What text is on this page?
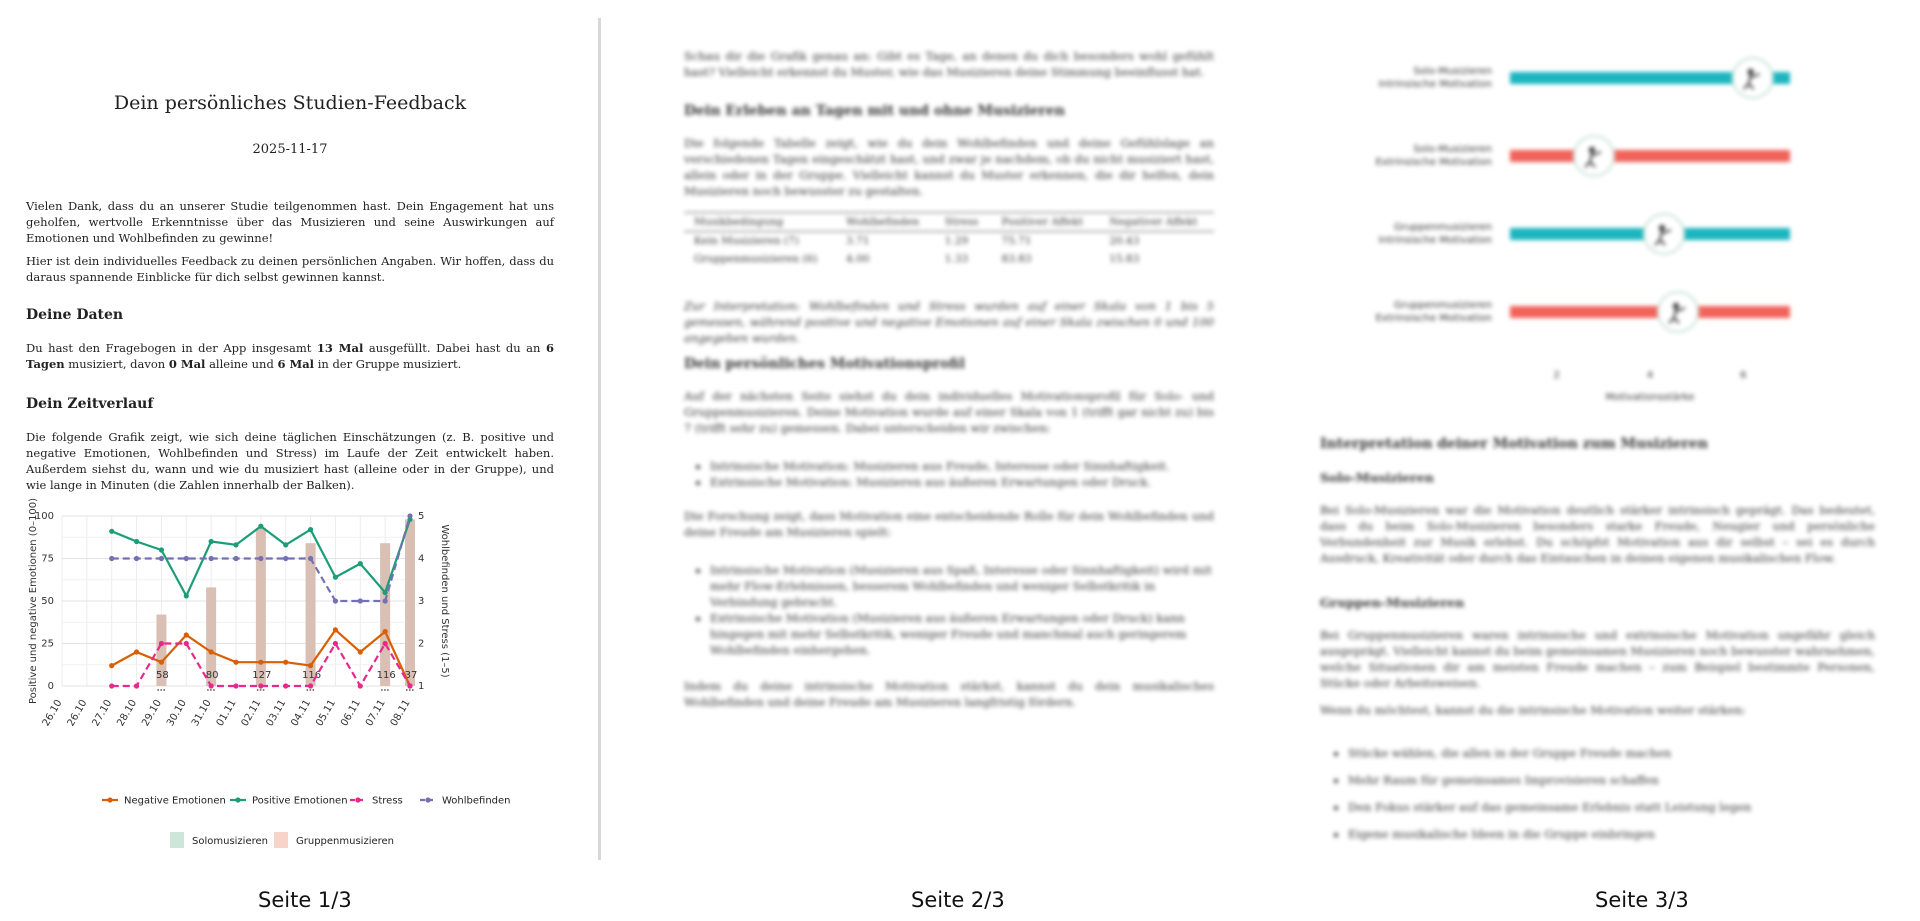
Dein persönliches Studien-Feedback
2025-11-17
Vielen Dank, dass du an unserer Studie teilgenommen hast. Dein Engagement hat uns geholfen, wertvolle Erkenntnisse über das Musizieren und seine Auswirkungen auf Emotionen und Wohlbefinden zu gewinne!
Hier ist dein individuelles Feedback zu deinen persönlichen Angaben. Wir hoffen, dass du daraus spannende Einblicke für dich selbst gewinnen kannst.
Deine Daten
Du hast den Fragebogen in der App insgesamt 13 Mal ausgefüllt. Dabei hast du an 6 Tagen musiziert, davon 0 Mal alleine und 6 Mal in der Gruppe musiziert.
Dein Zeitverlauf
Die folgende Grafik zeigt, wie sich deine täglichen Einschätzungen (z. B. positive und negative Emotionen, Wohlbefinden und Stress) im Laufe der Zeit entwickelt haben. Außerdem siehst du, wann und wie du musiziert hast (alleine oder in der Gruppe), und wie lange in Minuten (die Zahlen innerhalb der Balken).
58	80	127	116	116 37
0
25
50
75
100
1
2
3
4
5
26.10 26.10 27.10 28.10 29.10 30.10 31.10 01.11 02.11 03.11 04.11 05.11 06.11 07.11 08.11
Positive und negative Emotionen (0–100)	Wohlbefinden und Stress (1–5)
Negative Emotionen	Positive Emotionen Stress	Wohlbefinden
Solomusizieren	Gruppenmusizieren
Schau dir die Grafik genau an: Gibt es Tage, an denen du dich besonders wohl gefühlt hast? Vielleicht erkennst du Muster, wie das Musizieren deine Stimmung beeinflusst hat.
Dein Erleben an Tagen mit und ohne Musizieren
Die folgende Tabelle zeigt, wie du dein Wohlbefinden und deine Gefühlslage an verschiedenen Tagen eingeschätzt hast, und zwar je nachdem, ob du nicht musiziert hast, allein oder in der Gruppe. Vielleicht kannst du Muster erkennen, die dir helfen, dein Musizieren noch bewusster zu gestalten.
Musikbedingung	Wohlbefinden	Stress	Positiver Affekt	Negativer Affekt
Kein Musizieren (7)	3.71	1.29	75.71	20.43
Gruppenmusizieren (6)	4.00	1.33	83.83	15.83
Zur Interpretation: Wohlbefinden und Stress wurden auf einer Skala von 1 bis 5 gemessen, während positive und negative Emotionen auf einer Skala zwischen 0 und 100 angegeben wurden.
Dein persönliches Motivationsprofil
Auf der nächsten Seite siehst du dein individuelles Motivationsprofil für Solo- und Gruppenmusizieren. Deine Motivation wurde auf einer Skala von 1 (trifft gar nicht zu) bis 7 (trifft sehr zu) gemessen. Dabei unterscheiden wir zwischen:
• Intrinsische Motivation: Musizieren aus Freude, Interesse oder Sinnhaftigkeit.
• Extrinsische Motivation: Musizieren aus äußeren Erwartungen oder Druck.
Die Forschung zeigt, dass Motivation eine entscheidende Rolle für dein Wohlbefinden und deine Freude am Musizieren spielt:
• Intrinsische Motivation (Musizieren aus Spaß, Interesse oder Sinnhaftigkeit) wird mit mehr Flow-Erlebnissen, besserem Wohlbefinden und weniger Selbstkritik in Verbindung gebracht.
• Extrinsische Motivation (Musizieren aus äußeren Erwartungen oder Druck) kann hingegen mit mehr Selbstkritik, weniger Freude und manchmal auch geringerem Wohlbefinden einhergehen.
Indem du deine intrinsische Motivation stärkst, kannst du dein musikalisches Wohlbefinden und deine Freude am Musizieren langfristig fördern.
Solo-Musizieren
Intrinsische Motivation
Solo-Musizieren
Extrinsische Motivation
Gruppenmusizieren
Intrinsische Motivation
Gruppenmusizieren
Extrinsische Motivation
2	4	6
Motivationsstärke
Interpretation deiner Motivation zum Musizieren
Solo-Musizieren
Bei Solo-Musizieren war die Motivation deutlich stärker intrinsisch geprägt. Das bedeutet, dass du beim Solo-Musizieren besonders starke Freude, Neugier und persönliche Verbundenheit zur Musik erlebst. Du schöpfst Motivation aus dir selbst – sei es durch Ausdruck, Kreativität oder durch das Eintauchen in deinen eigenen musikalischen Flow.
Gruppen-Musizieren
Bei Gruppenmusizieren waren intrinsische und extrinsische Motivation ungefähr gleich ausgeprägt. Vielleicht kannst du beim gemeinsamen Musizieren noch bewusster wahrnehmen, welche Situationen dir am meisten Freude machen – zum Beispiel bestimmte Personen, Stücke oder Arbeitsweisen.
Wenn du möchtest, kannst du die intrinsische Motivation weiter stärken:
• Stücke wählen, die allen in der Gruppe Freude machen
• Mehr Raum für gemeinsames Improvisieren schaffen
• Den Fokus stärker auf das gemeinsame Erlebnis statt Leistung legen
• Eigene musikalische Ideen in die Gruppe einbringen
Seite 1/3	Seite 2/3	Seite 3/3
